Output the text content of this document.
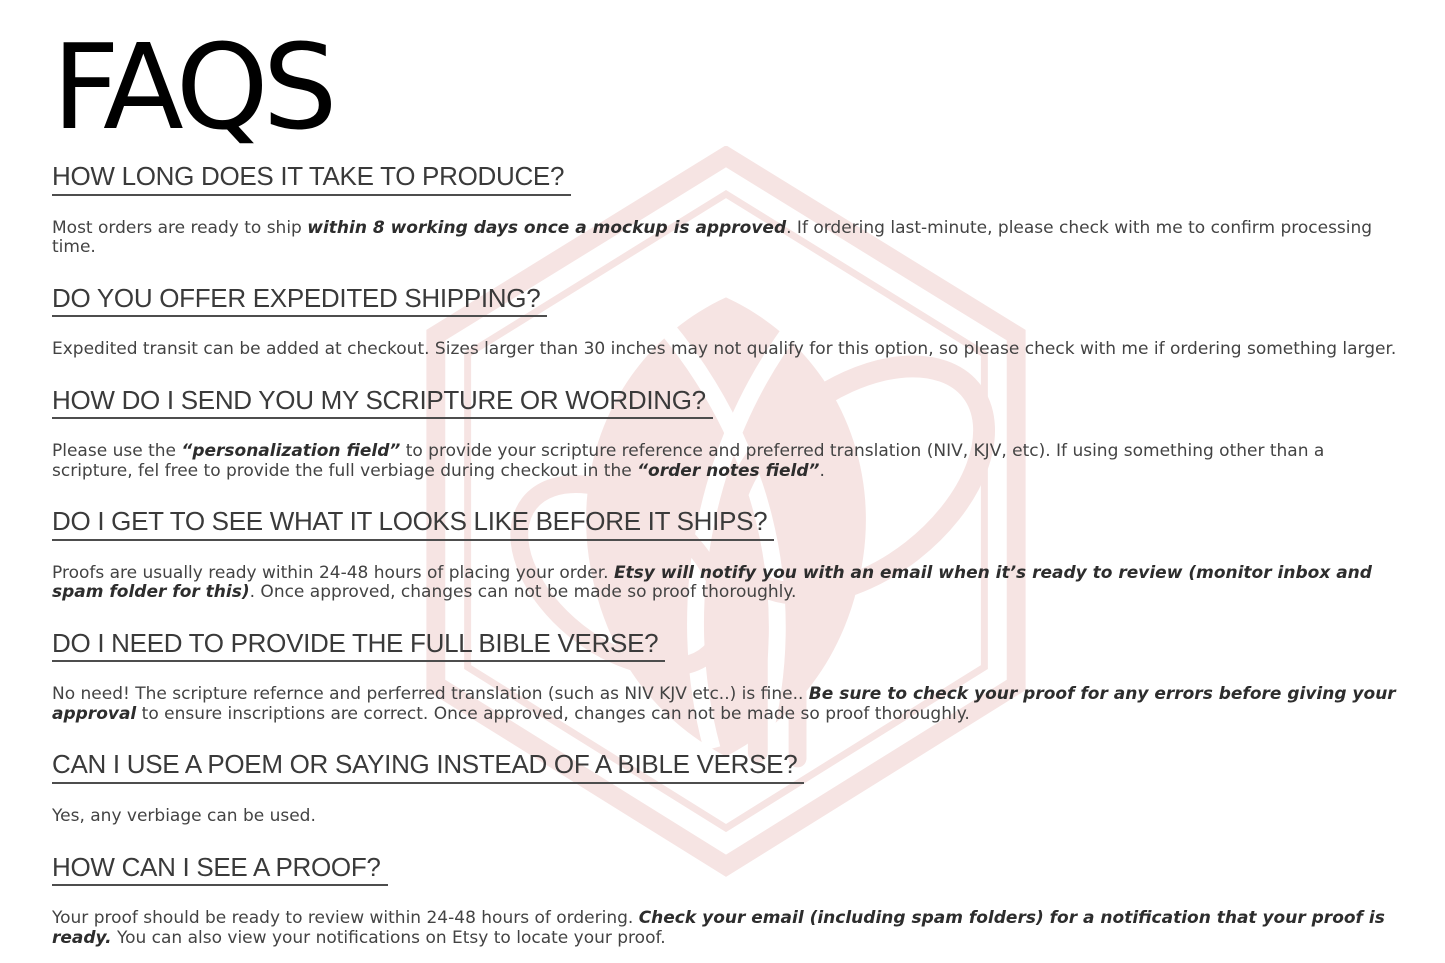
FAQS
HOW LONG DOES IT TAKE TO PRODUCE?

Most orders are ready to ship within 8 working days once a mockup is approved. If ordering last-minute, please check with me to confirm processing time.

DO YOU OFFER EXPEDITED SHIPPING?

Expedited transit can be added at checkout. Sizes larger than 30 inches may not qualify for this option, so please check with me if ordering something larger.

HOW DO I SEND YOU MY SCRIPTURE OR WORDING?

Please use the “personalization field” to provide your scripture reference and preferred translation (NIV, KJV, etc). If using something other than a scripture, fel free to provide the full verbiage during checkout in the “order notes field”.

DO I GET TO SEE WHAT IT LOOKS LIKE BEFORE IT SHIPS?

Proofs are usually ready within 24-48 hours of placing your order. Etsy will notify you with an email when it’s ready to review (monitor inbox and spam folder for this). Once approved, changes can not be made so proof thoroughly.

DO I NEED TO PROVIDE THE FULL BIBLE VERSE?

No need! The scripture refernce and perferred translation (such as NIV KJV etc..) is fine.. Be sure to check your proof for any errors before giving your approval to ensure inscriptions are correct. Once approved, changes can not be made so proof thoroughly.

CAN I USE A POEM OR SAYING INSTEAD OF A BIBLE VERSE?

Yes, any verbiage can be used.

HOW CAN I SEE A PROOF?

Your proof should be ready to review within 24-48 hours of ordering. Check your email (including spam folders) for a notification that your proof is ready. You can also view your notifications on Etsy to locate your proof.
